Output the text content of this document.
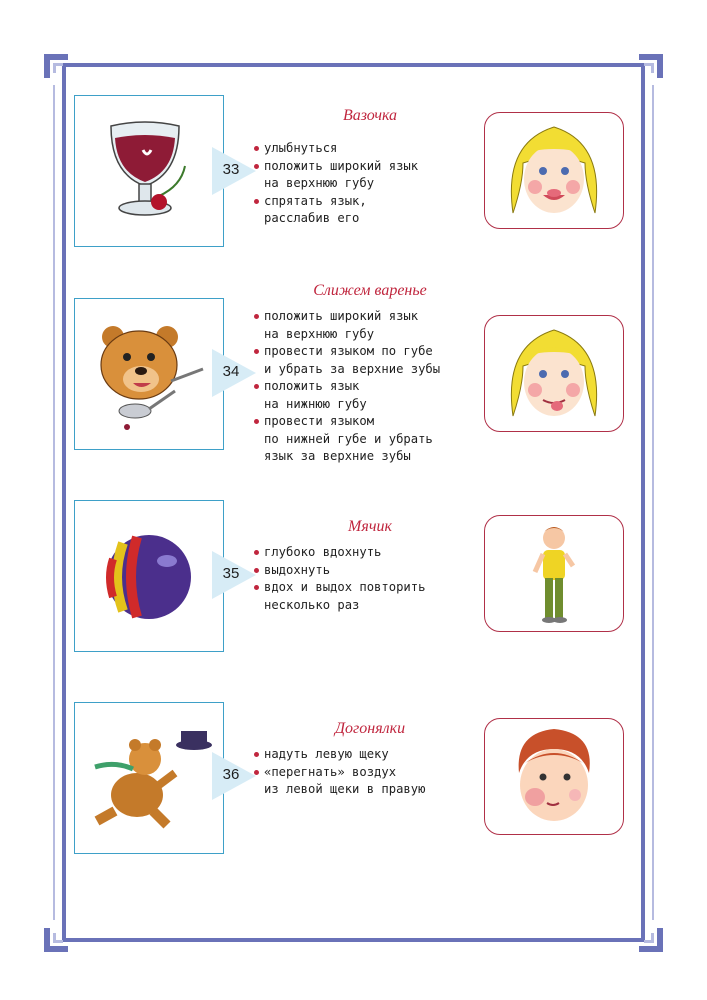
33
Вазочка
улыбнуться
положить широкий язык
на верхнюю губу
спрятать язык,
расслабив его
34
Слижем варенье
положить широкий язык
на верхнюю губу
провести языком по губе
и убрать за верхние зубы
положить язык
на нижнюю губу
провести языком
по нижней губе и убрать
язык за верхние зубы
35
Мячик
глубоко вдохнуть
выдохнуть
вдох и выдох повторить
несколько раз
36
Догонялки
надуть левую щеку
«перегнать» воздух
из левой щеки в правую
